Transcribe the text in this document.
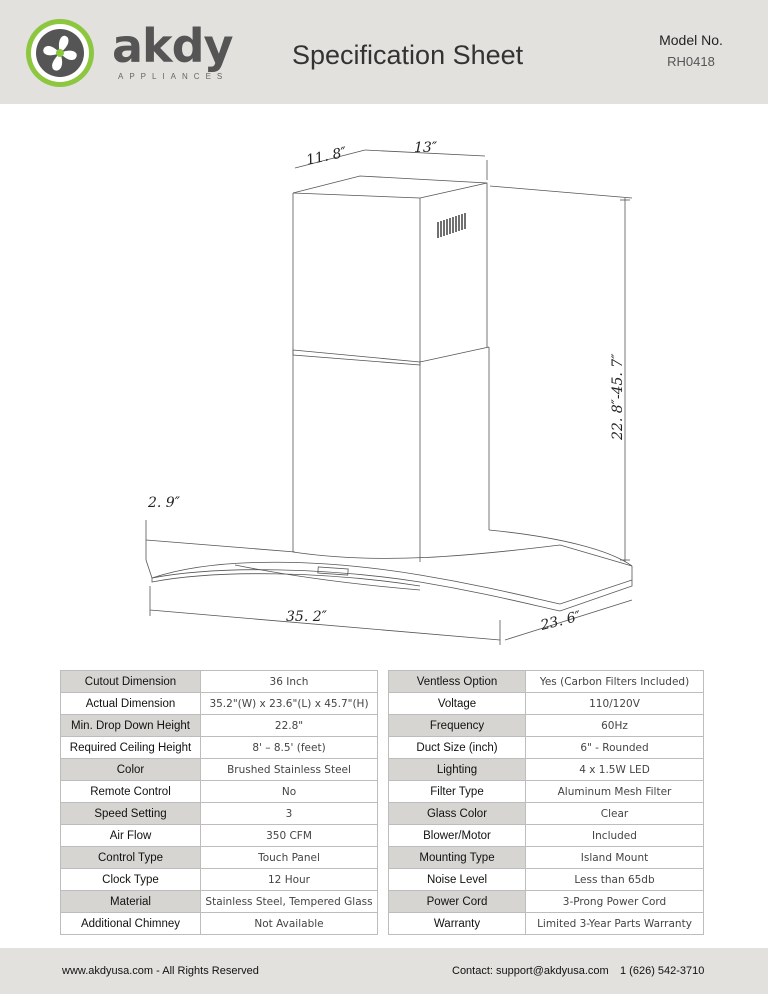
akdy
APPLIANCES
Specification Sheet	Model No.
RH0418
11. 8″	13″
22. 8″-45. 7″
2. 9″
35. 2″	23. 6″
Cutout Dimension	36 Inch
Actual Dimension	35.2"(W) x 23.6"(L) x 45.7"(H)
Min. Drop Down Height	22.8"
Required Ceiling Height	8' – 8.5' (feet)
Color	Brushed Stainless Steel
Remote Control	No
Speed Setting	3
Air Flow	350 CFM
Control Type	Touch Panel
Clock Type	12 Hour
Material	Stainless Steel, Tempered Glass
Additional Chimney	Not Available
Ventless Option	Yes (Carbon Filters Included)
Voltage	110/120V
Frequency	60Hz
Duct Size (inch)	6" - Rounded
Lighting	4 x 1.5W LED
Filter Type	Aluminum Mesh Filter
Glass Color	Clear
Blower/Motor	Included
Mounting Type	Island Mount
Noise Level	Less than 65db
Power Cord	3-Prong Power Cord
Warranty	Limited 3-Year Parts Warranty
www.akdyusa.com - All Rights Reserved	Contact: support@akdyusa.com 1 (626) 542-3710
